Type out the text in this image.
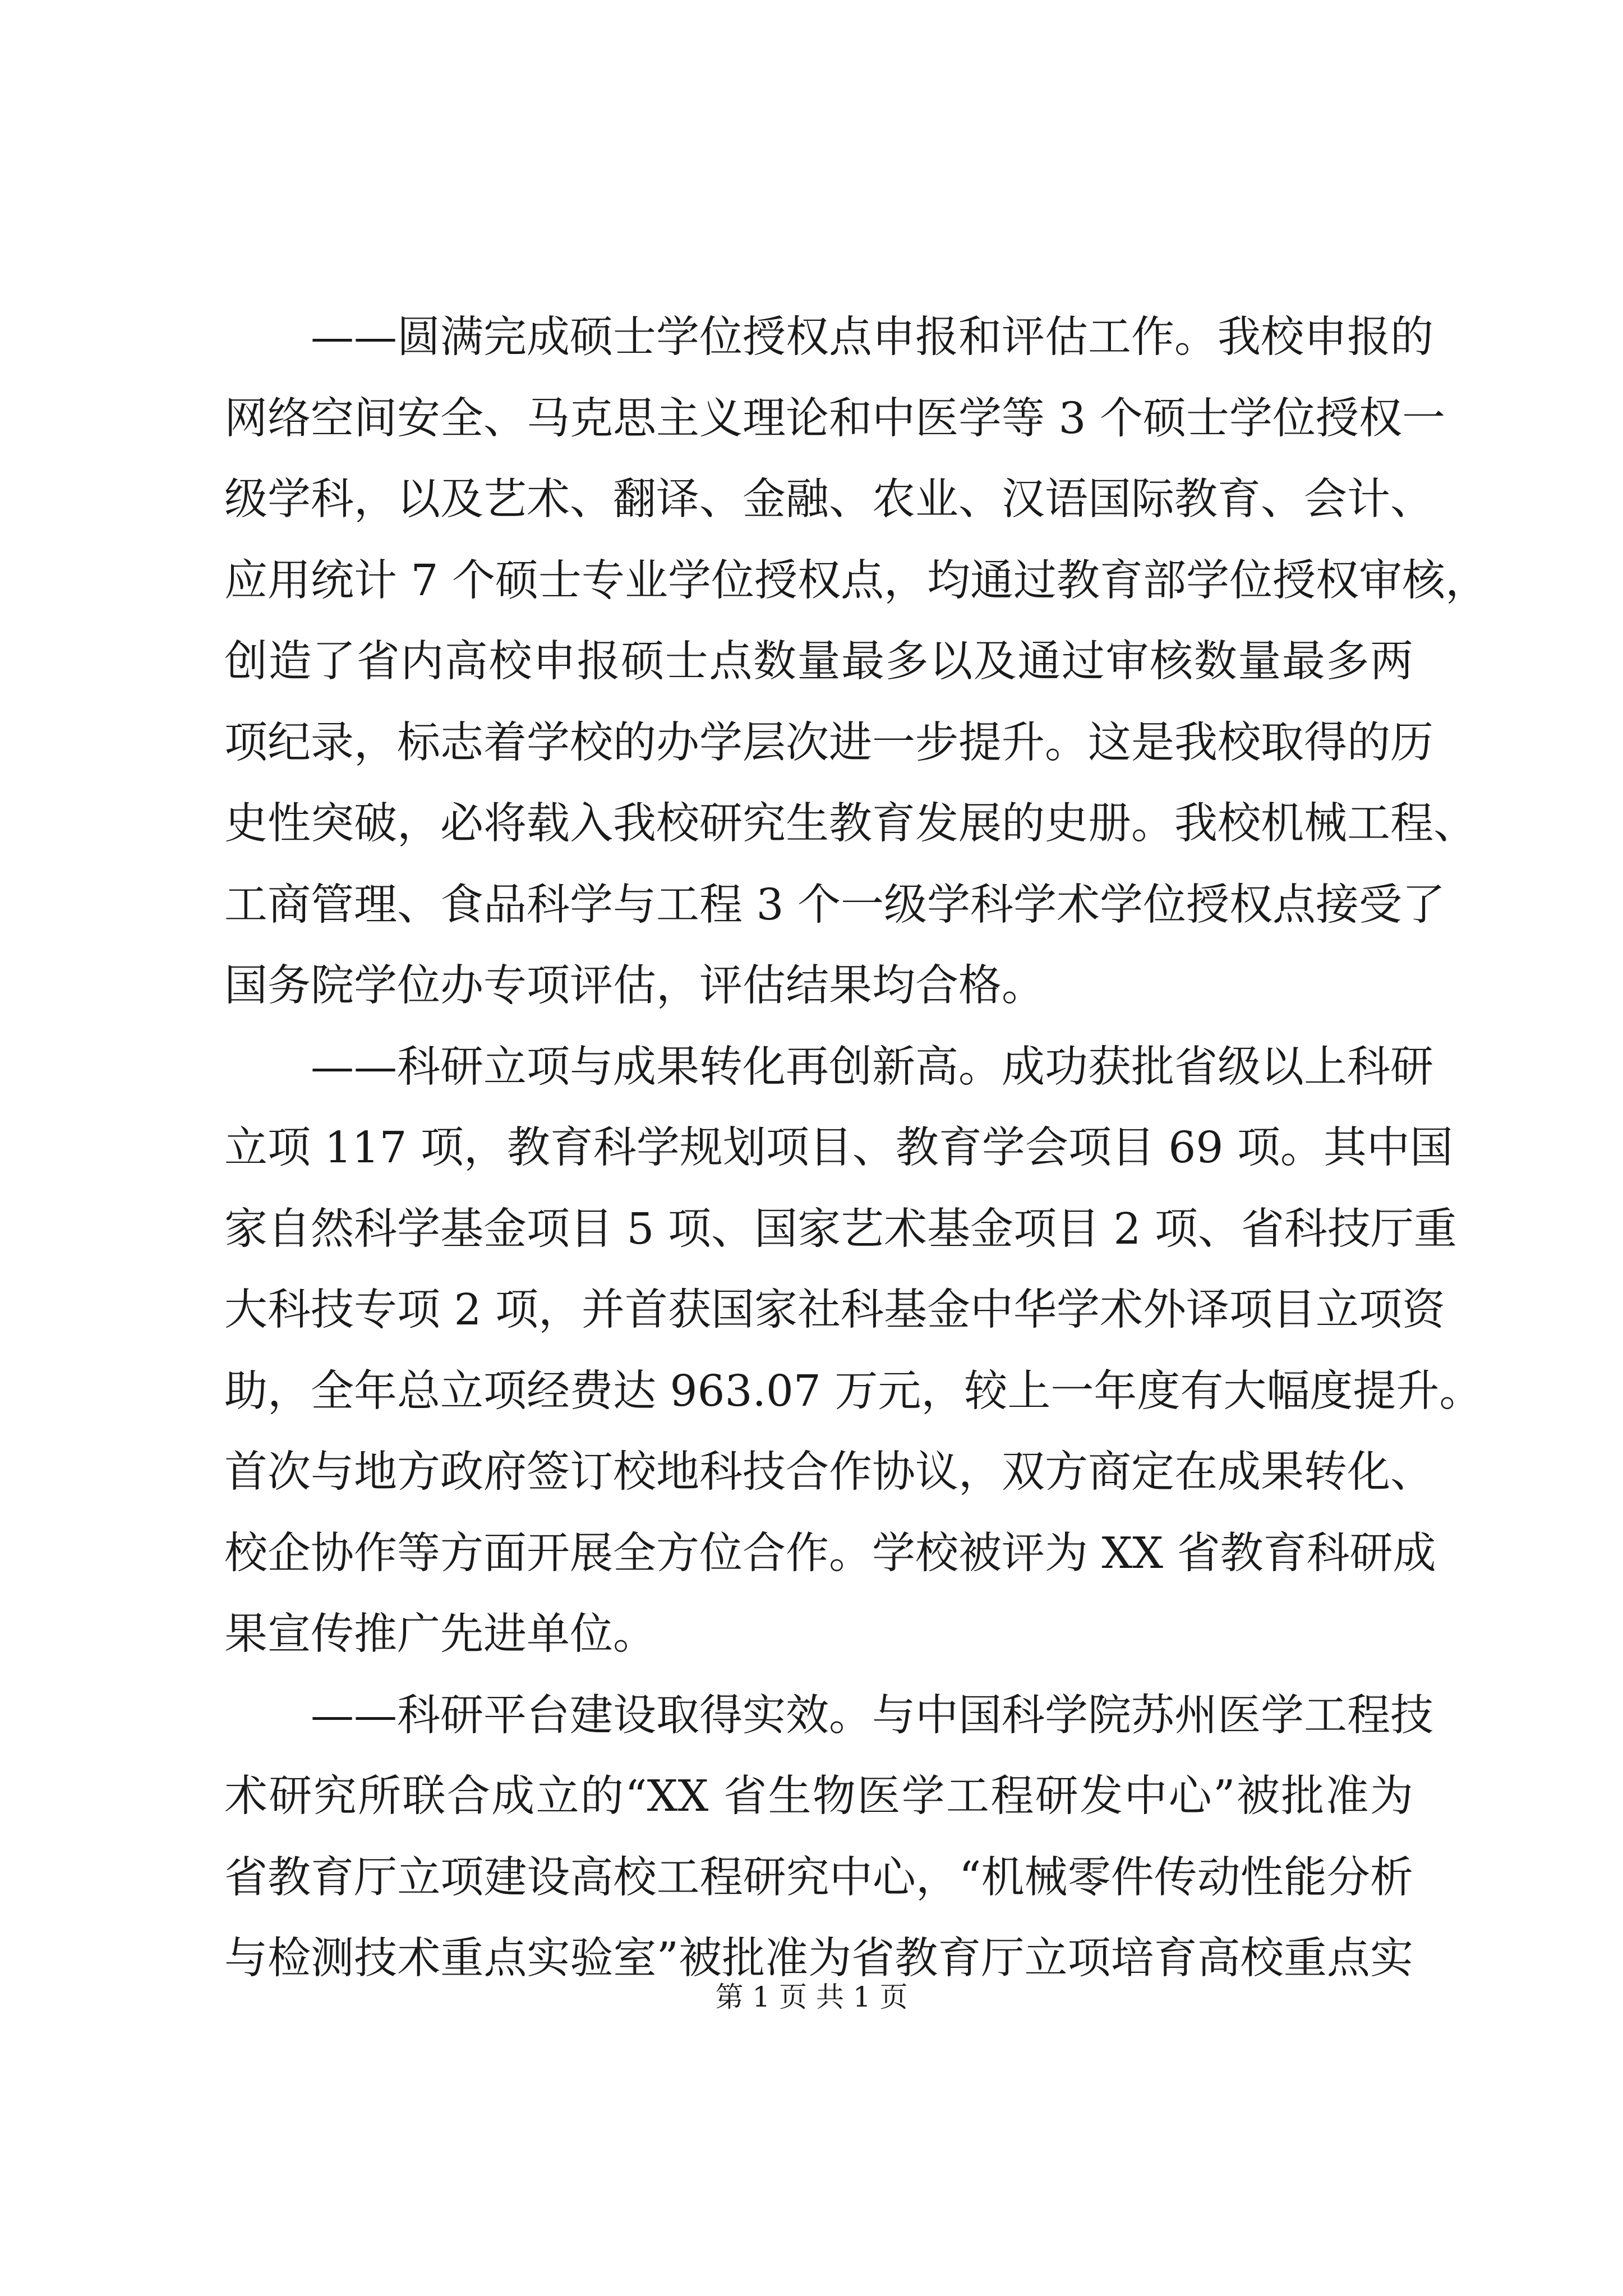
——圆满完成硕士学位授权点申报和评估工作。我校申报的
网络空间安全、马克思主义理论和中医学等 3 个硕士学位授权一
级学科，以及艺术、翻译、金融、农业、汉语国际教育、会计、
应用统计 7 个硕士专业学位授权点，均通过教育部学位授权审核，
创造了省内高校申报硕士点数量最多以及通过审核数量最多两
项纪录，标志着学校的办学层次进一步提升。这是我校取得的历
史性突破，必将载入我校研究生教育发展的史册。我校机械工程、
工商管理、食品科学与工程 3 个一级学科学术学位授权点接受了
国务院学位办专项评估，评估结果均合格。
——科研立项与成果转化再创新高。成功获批省级以上科研
立项 117 项，教育科学规划项目、教育学会项目 69 项。其中国
家自然科学基金项目 5 项、国家艺术基金项目 2 项、省科技厅重
大科技专项 2 项，并首获国家社科基金中华学术外译项目立项资
助，全年总立项经费达 963.07 万元，较上一年度有大幅度提升。
首次与地方政府签订校地科技合作协议，双方商定在成果转化、
校企协作等方面开展全方位合作。学校被评为 XX 省教育科研成
果宣传推广先进单位。
——科研平台建设取得实效。与中国科学院苏州医学工程技
术研究所联合成立的“XX 省生物医学工程研发中心”被批准为
省教育厅立项建设高校工程研究中心，“机械零件传动性能分析
与检测技术重点实验室”被批准为省教育厅立项培育高校重点实
第 1 页 共 1 页
